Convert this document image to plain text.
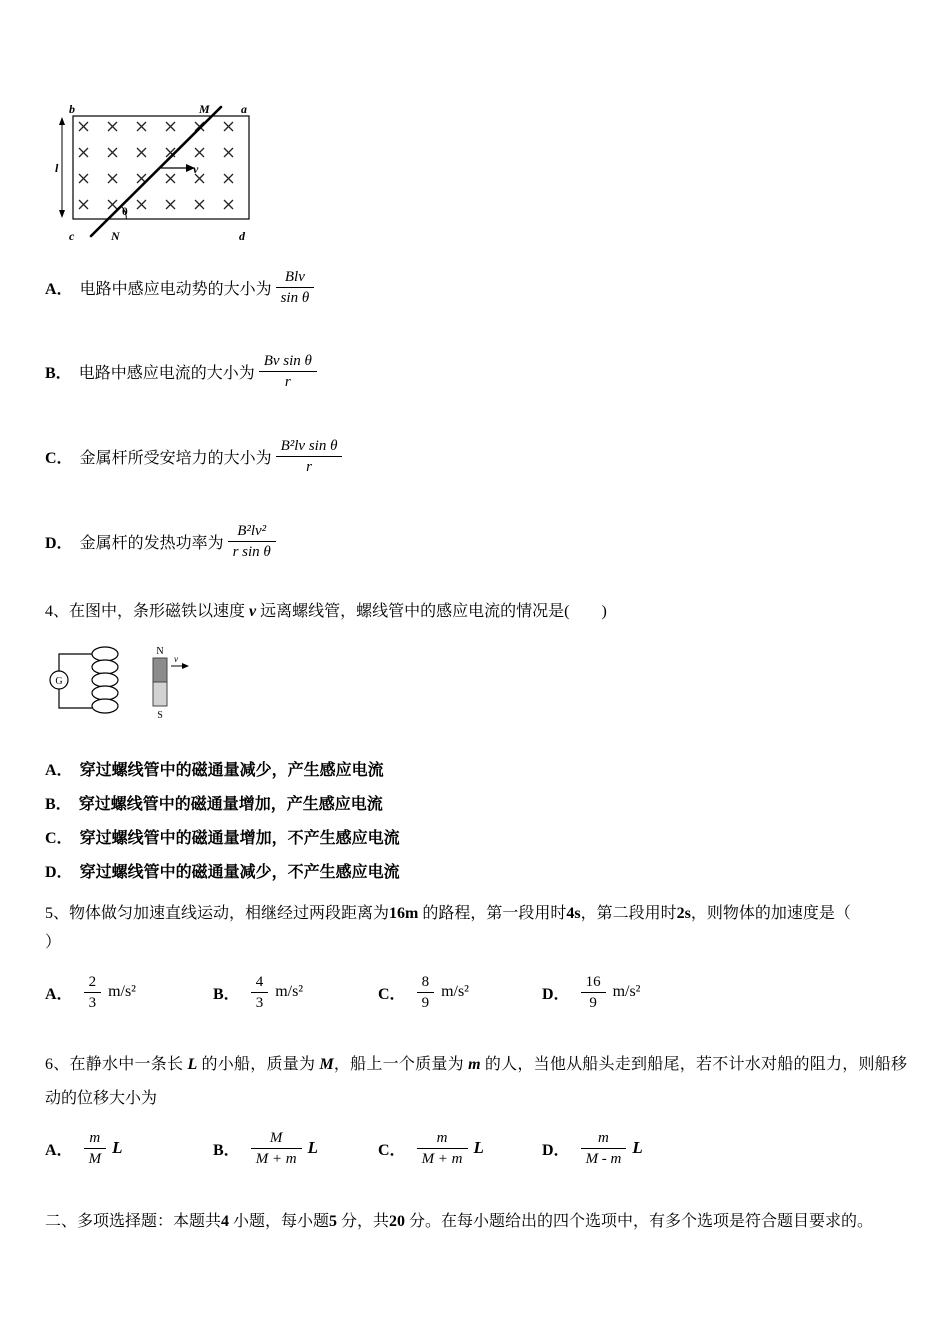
b	M	a
l
c	N	d
v
θ
A． 电路中感应电动势的大小为 $\frac{\text{Blv}}{\text{sin θ}}$
B． 电路中感应电流的大小为 $\frac{\text{Bv sin θ}}{r}$
C． 金属杆所受安培力的大小为 $\frac{\text{B²lv sin θ}}{r}$
D． 金属杆的发热功率为 $\frac{\text{B²lv²}}{\text{r sin θ}}$
4、在图中，条形磁铁以速度 v 远离螺线管，螺线管中的感应电流的情况是(　　)
G
N
S
v
A． 穿过螺线管中的磁通量减少，产生感应电流
B． 穿过螺线管中的磁通量增加，产生感应电流
C． 穿过螺线管中的磁通量增加，不产生感应电流
D． 穿过螺线管中的磁通量减少，不产生感应电流
5、物体做匀加速直线运动，相继经过两段距离为16m 的路程，第一段用时4s，第二段用时2s，则物体的加速度是（
）
A． $\frac{2}{3} m/s^2$	B． $\frac{4}{3} m/s^2$	C． $\frac{8}{9} m/s^2$	D． $\frac{16}{9} m/s^2$
6、在静水中一条长 L 的小船，质量为 M，船上一个质量为 m 的人，当他从船头走到船尾，若不计水对船的阻力，则船移动的位移大小为
A． $\frac{m}{M}$ L	B． $\frac{M}{M + m}$ L	C． $\frac{m}{M + m}$ L	D． $\frac{m}{M - m}$ L
二、多项选择题：本题共4 小题，每小题5 分，共20 分。在每小题给出的四个选项中，有多个选项是符合题目要求的。
